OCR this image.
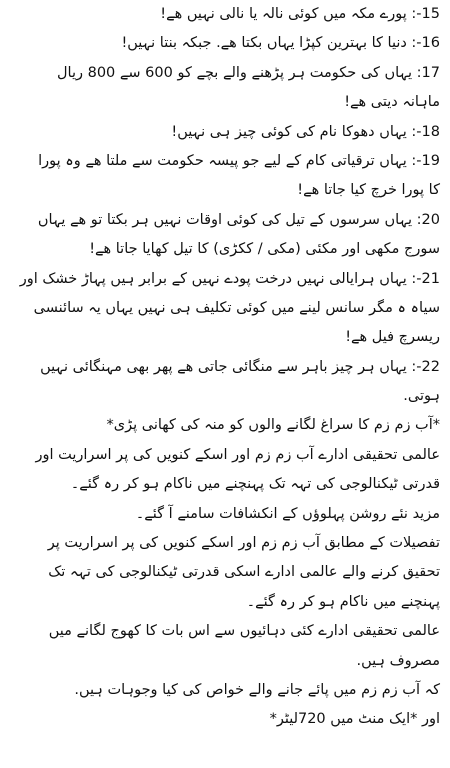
15-: پورے مکہ میں کوئی نالہ یا نالی نہیں ھے!
16-: دنیا کا بہترین کپڑا یہاں بکتا ھے. جبکہ بنتا نہیں!
17: یہاں کی حکومت ہر پڑھنے والے بچے کو 600 سے 800 ریال
ماہانہ دیتی ھے!
18-: یہاں دھوکا نام کی کوئی چیز ہی نہیں!
19-: یہاں ترقیاتی کام کے لیے جو پیسہ حکومت سے ملتا ھے وہ پورا
کا پورا خرچ کیا جاتا ھے!
20: یہاں سرسوں کے تیل کی کوئی اوقات نہیں ہر بکتا تو ھے یہاں
سورج مکھی اور مکئی (مکی / ککڑی) کا تیل کھایا جاتا ھے!
21-: یہاں ہرایالی نہیں درخت پودے نہیں کے برابر ہیں پہاڑ خشک اور
سیاہ ہ مگر سانس لینے میں کوئی تکلیف ہی نہیں یہاں یہ سائنسی
ریسرچ فیل ھے!
22-: یہاں ہر چیز باہر سے منگائی جاتی ھے پھر بھی مہنگائی نہیں
ہوتی.
*آب زم زم کا سراغ لگانے والوں کو منہ کی کھانی پڑی*
عالمی تحقیقی ادارے آب زم زم اور اسکے کنویں کی پر اسراریت اور
قدرتی ٹیکنالوجی کی تہہ تک پہنچنے میں ناکام ہو کر رہ گئے۔
مزید نئے روشن پہلوؤں کے انکشافات سامنے آ گئے۔
تفصیلات کے مطابق آب زم زم اور اسکے کنویں کی پر اسراریت پر
تحقیق کرنے والے عالمی ادارے اسکی قدرتی ٹیکنالوجی کی تہہ تک
پہنچنے میں ناکام ہو کر رہ گئے۔
عالمی تحقیقی ادارے کئی دہائیوں سے اس بات کا کھوج لگانے میں
مصروف ہیں.
کہ آب زم زم میں پائے جانے والے خواص کی کیا وجوہات ہیں.
اور *ایک منٹ میں 720لیٹر*
